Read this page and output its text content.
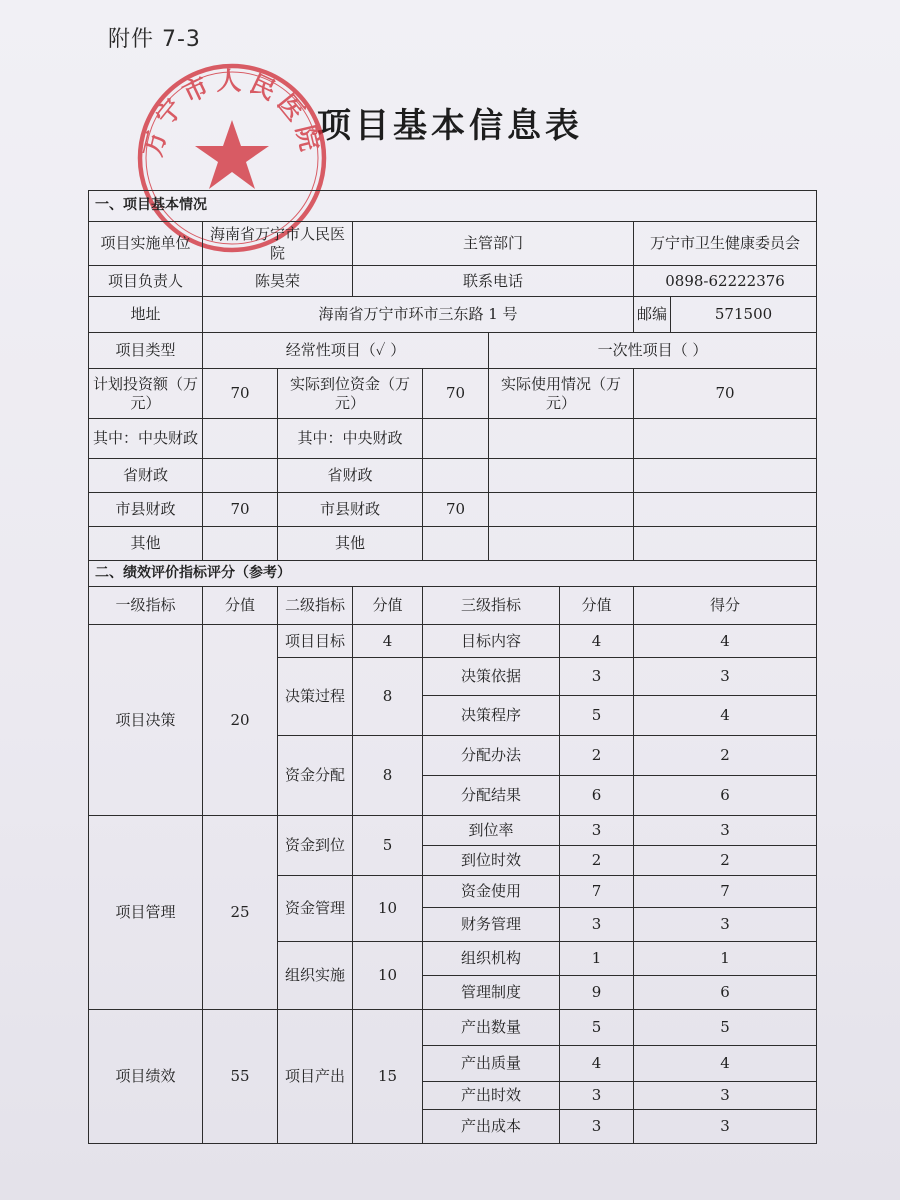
附件 7-3
项目基本信息表
万宁市人民医院
一、项目基本情况								
项目实施单位	海南省万宁市人民医院		主管部门				万宁市卫生健康委员会	
项目负责人	陈昊荣		联系电话				0898-62222376	
地址	海南省万宁市环市三东路 1 号						邮编	571500
项目类型	经常性项目（✓ ）				一次性项目（ ）			
计划投资额（万元）	70	实际到位资金（万元）		70	实际使用情况（万元）		70	
其中：中央财政		其中：中央财政						
省财政		省财政						
市县财政	70	市县财政		70				
其他		其他						
二、绩效评价指标评分（参考）								
一级指标	分值	二级指标	分值	三级指标		分值	得分	
项目决策	20	项目目标	4	目标内容		4	4	
		决策过程	8	决策依据		3	3	
				决策程序		5	4	
		资金分配	8	分配办法		2	2	
				分配结果		6	6	
项目管理	25	资金到位	5	到位率		3	3	
				到位时效		2	2	
		资金管理	10	资金使用		7	7	
				财务管理		3	3	
		组织实施	10	组织机构		1	1	
				管理制度		9	6	
项目绩效	55	项目产出	15	产出数量		5	5	
				产出质量		4	4	
				产出时效		3	3	
				产出成本		3	3	
